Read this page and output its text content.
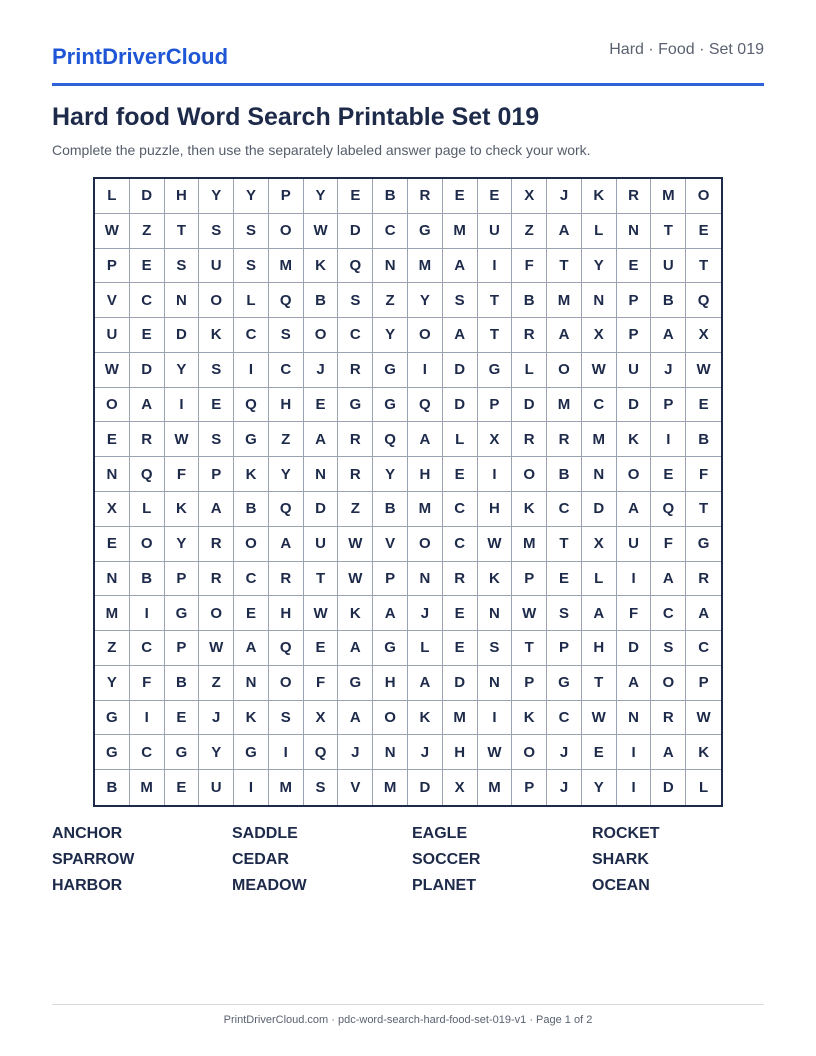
PrintDriverCloud	Hard · Food · Set 019
Hard food Word Search Printable Set 019
Complete the puzzle, then use the separately labeled answer page to check your work.
L	D	H	Y	Y	P	Y	E	B	R	E	E	X	J	K	R	M	O
W	Z	T	S	S	O	W	D	C	G	M	U	Z	A	L	N	T	E
P	E	S	U	S	M	K	Q	N	M	A	I	F	T	Y	E	U	T
V	C	N	O	L	Q	B	S	Z	Y	S	T	B	M	N	P	B	Q
U	E	D	K	C	S	O	C	Y	O	A	T	R	A	X	P	A	X
W	D	Y	S	I	C	J	R	G	I	D	G	L	O	W	U	J	W
O	A	I	E	Q	H	E	G	G	Q	D	P	D	M	C	D	P	E
E	R	W	S	G	Z	A	R	Q	A	L	X	R	R	M	K	I	B
N	Q	F	P	K	Y	N	R	Y	H	E	I	O	B	N	O	E	F
X	L	K	A	B	Q	D	Z	B	M	C	H	K	C	D	A	Q	T
E	O	Y	R	O	A	U	W	V	O	C	W	M	T	X	U	F	G
N	B	P	R	C	R	T	W	P	N	R	K	P	E	L	I	A	R
M	I	G	O	E	H	W	K	A	J	E	N	W	S	A	F	C	A
Z	C	P	W	A	Q	E	A	G	L	E	S	T	P	H	D	S	C
Y	F	B	Z	N	O	F	G	H	A	D	N	P	G	T	A	O	P
G	I	E	J	K	S	X	A	O	K	M	I	K	C	W	N	R	W
G	C	G	Y	G	I	Q	J	N	J	H	W	O	J	E	I	A	K
B	M	E	U	I	M	S	V	M	D	X	M	P	J	Y	I	D	L
ANCHOR	SADDLE	EAGLE	ROCKET
SPARROW	CEDAR	SOCCER	SHARK
HARBOR	MEADOW	PLANET	OCEAN
PrintDriverCloud.com · pdc-word-search-hard-food-set-019-v1 · Page 1 of 2
